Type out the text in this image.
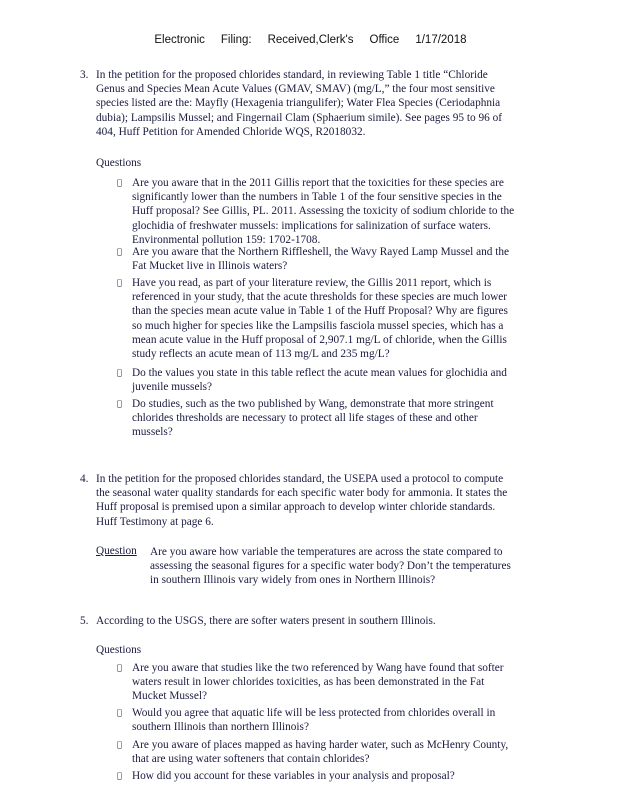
Electronic Filing: Received,Clerk's Office 1/17/2018

3. In the petition for the proposed chlorides standard, in reviewing Table 1 title “Chloride
Genus and Species Mean Acute Values (GMAV, SMAV) (mg/L,” the four most sensitive
species listed are the: Mayfly (Hexagenia triangulifer); Water Flea Species (Ceriodaphnia
dubia); Lampsilis Mussel; and Fingernail Clam (Sphaerium simile). See pages 95 to 96 of
404, Huff Petition for Amended Chloride WQS, R2018032.
Questions
Are you aware that in the 2011 Gillis report that the toxicities for these species are
significantly lower than the numbers in Table 1 of the four sensitive species in the
Huff proposal? See Gillis, PL. 2011. Assessing the toxicity of sodium chloride to the
glochidia of freshwater mussels: implications for salinization of surface waters.
Environmental pollution 159: 1702-1708.
Are you aware that the Northern Riffleshell, the Wavy Rayed Lamp Mussel and the
Fat Mucket live in Illinois waters?
Have you read, as part of your literature review, the Gillis 2011 report, which is
referenced in your study, that the acute thresholds for these species are much lower
than the species mean acute value in Table 1 of the Huff Proposal? Why are figures
so much higher for species like the Lampsilis fasciola mussel species, which has a
mean acute value in the Huff proposal of 2,907.1 mg/L of chloride, when the Gillis
study reflects an acute mean of 113 mg/L and 235 mg/L?
Do the values you state in this table reflect the acute mean values for glochidia and
juvenile mussels?
Do studies, such as the two published by Wang, demonstrate that more stringent
chlorides thresholds are necessary to protect all life stages of these and other
mussels?
4. In the petition for the proposed chlorides standard, the USEPA used a protocol to compute
the seasonal water quality standards for each specific water body for ammonia. It states the
Huff proposal is premised upon a similar approach to develop winter chloride standards.
Huff Testimony at page 6.
Question Are you aware how variable the temperatures are across the state compared to
assessing the seasonal figures for a specific water body? Don’t the temperatures
in southern Illinois vary widely from ones in Northern Illinois?
5. According to the USGS, there are softer waters present in southern Illinois.
Questions
Are you aware that studies like the two referenced by Wang have found that softer
waters result in lower chlorides toxicities, as has been demonstrated in the Fat
Mucket Mussel?
Would you agree that aquatic life will be less protected from chlorides overall in
southern Illinois than northern Illinois?
Are you aware of places mapped as having harder water, such as McHenry County,
that are using water softeners that contain chlorides?
How did you account for these variables in your analysis and proposal?
